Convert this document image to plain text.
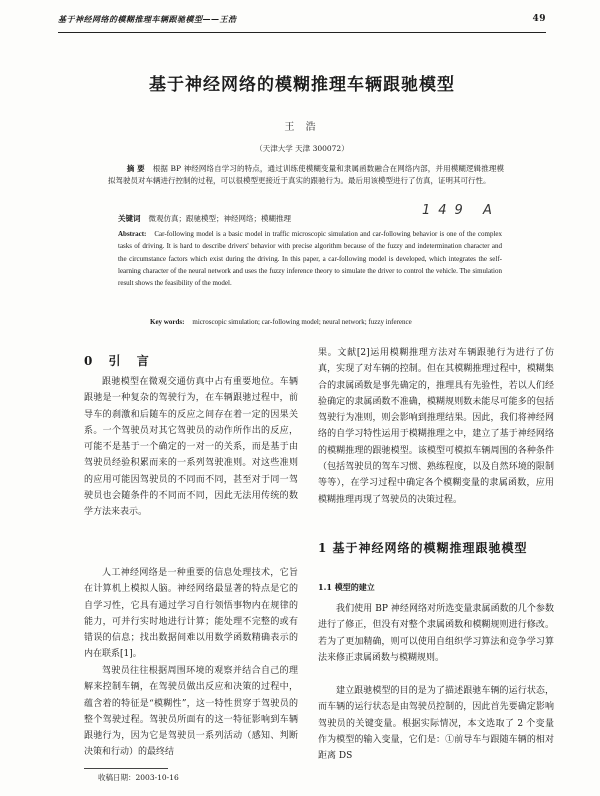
基于神经网络的模糊推理车辆跟驰模型——王浩	49
基于神经网络的模糊推理车辆跟驰模型
王 浩
（天津大学 天津 300072）
摘 要 根据 BP 神经网络自学习的特点，通过训练使模糊变量和隶属函数融合在网络内部，并用模糊逻辑推理模拟驾驶员对车辆进行控制的过程，可以很模型更接近于真实的跟驰行为。最后用该模型进行了仿真，证明其可行性。
关键词 微观仿真；跟驰模型；神经网络；模糊推理
149 A
Abstract: Car-following model is a basic model in traffic microscopic simulation and car-following behavior is one of the complex tasks of driving. It is hard to describe drivers' behavior with precise algorithm because of the fuzzy and indetermination character and the circumstance factors which exist during the driving. In this paper, a car-following model is developed, which integrates the self-learning character of the neural network and uses the fuzzy inference theory to simulate the driver to control the vehicle. The simulation result shows the feasibility of the model.
Key words: microscopic simulation; car-following model; neural network; fuzzy inference
0 引 言

跟驰模型在微观交通仿真中占有重要地位。车辆跟驰是一种复杂的驾驶行为，在车辆跟驰过程中，前导车的刹激和后随车的反应之间存在着一定的因果关系。一个驾驶员对其它驾驶员的动作所作出的反应，可能不是基于一个确定的一对一的关系，而是基于由驾驶员经验积累而来的一系列驾驶准则。对这些准则的应用可能因驾驶员的不同而不同，甚至对于同一驾驶员也会随条件的不同而不同，因此无法用传统的数学方法来表示。

人工神经网络是一种重要的信息处理技术，它旨在计算机上模拟人脑。神经网络最显著的特点是它的自学习性，它具有通过学习自行领悟事物内在规律的能力，可并行实时地进行计算；能处理不完整的或有错误的信息；找出数据间难以用数学函数精确表示的内在联系[1]。

驾驶员往往根据周围环境的观察并结合自己的理解来控制车辆，在驾驶员做出反应和决策的过程中，蕴含着的特征是“模糊性”，这一特性贯穿于驾驶员的整个驾驶过程。驾驶员所面有的这一特征影响到车辆跟驰行为，因为它是驾驶员一系列活动（感知、判断决策和行动）的最终结

收稿日期：2003-10-16

果。文献[2]运用模糊推理方法对车辆跟驰行为进行了仿真，实现了对车辆的控制。但在其模糊推理过程中，模糊集合的隶属函数是事先确定的，推理具有先验性，若以人们经验确定的隶属函数不准确，模糊规则数未能尽可能多的包括驾驶行为准则，则会影响到推理结果。因此，我们将神经网络的自学习特性运用于模糊推理之中，建立了基于神经网络的模糊推理的跟驰模型。该模型可模拟车辆周围的各种条件（包括驾驶员的驾车习惯、熟练程度，以及自然环境的限制等等），在学习过程中确定各个模糊变量的隶属函数，应用模糊推理再现了驾驶员的决策过程。

1 基于神经网络的模糊推理跟驰模型
1.1 模型的建立

我们使用 BP 神经网络对所选变量隶属函数的几个参数进行了修正，但没有对整个隶属函数和模糊规则进行修改。若为了更加精确，则可以使用自组织学习算法和竞争学习算法来修正隶属函数与模糊规则。

建立跟驰模型的目的是为了描述跟驰车辆的运行状态，而车辆的运行状态是由驾驶员控制的，因此首先要确定影响驾驶员的关键变量。根据实际情况，本文选取了 2 个变量作为模型的输入变量，它们是：①前导车与跟随车辆的相对距离 DS
